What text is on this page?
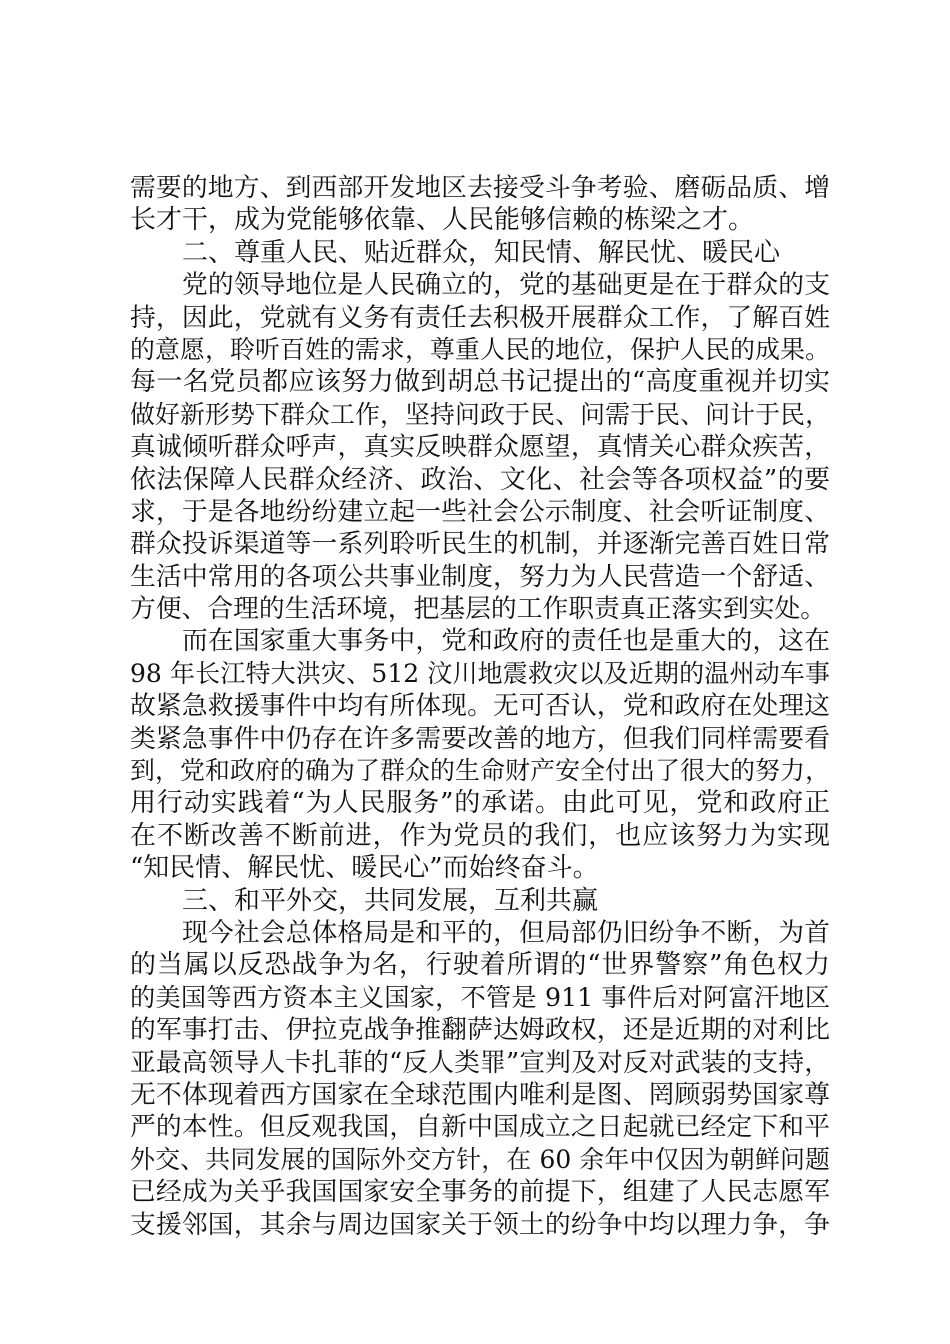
需要的地方、到西部开发地区去接受斗争考验、磨砺品质、增
长才干，成为党能够依靠、人民能够信赖的栋梁之才。
二、尊重人民、贴近群众，知民情、解民忧、暖民心
党的领导地位是人民确立的，党的基础更是在于群众的支
持，因此，党就有义务有责任去积极开展群众工作，了解百姓
的意愿，聆听百姓的需求，尊重人民的地位，保护人民的成果。
每一名党员都应该努力做到胡总书记提出的“高度重视并切实
做好新形势下群众工作，坚持问政于民、问需于民、问计于民，
真诚倾听群众呼声，真实反映群众愿望，真情关心群众疾苦，
依法保障人民群众经济、政治、文化、社会等各项权益”的要
求，于是各地纷纷建立起一些社会公示制度、社会听证制度、
群众投诉渠道等一系列聆听民生的机制，并逐渐完善百姓日常
生活中常用的各项公共事业制度，努力为人民营造一个舒适、
方便、合理的生活环境，把基层的工作职责真正落实到实处。
而在国家重大事务中，党和政府的责任也是重大的，这在
98 年长江特大洪灾、512 汶川地震救灾以及近期的温州动车事
故紧急救援事件中均有所体现。无可否认，党和政府在处理这
类紧急事件中仍存在许多需要改善的地方，但我们同样需要看
到，党和政府的确为了群众的生命财产安全付出了很大的努力，
用行动实践着“为人民服务”的承诺。由此可见，党和政府正
在不断改善不断前进，作为党员的我们，也应该努力为实现
“知民情、解民忧、暖民心”而始终奋斗。
三、和平外交，共同发展，互利共赢
现今社会总体格局是和平的，但局部仍旧纷争不断，为首
的当属以反恐战争为名，行驶着所谓的“世界警察”角色权力
的美国等西方资本主义国家，不管是 911 事件后对阿富汗地区
的军事打击、伊拉克战争推翻萨达姆政权，还是近期的对利比
亚最高领导人卡扎菲的“反人类罪”宣判及对反对武装的支持，
无不体现着西方国家在全球范围内唯利是图、罔顾弱势国家尊
严的本性。但反观我国，自新中国成立之日起就已经定下和平
外交、共同发展的国际外交方针，在 60 余年中仅因为朝鲜问题
已经成为关乎我国国家安全事务的前提下，组建了人民志愿军
支援邻国，其余与周边国家关于领土的纷争中均以理力争，争
